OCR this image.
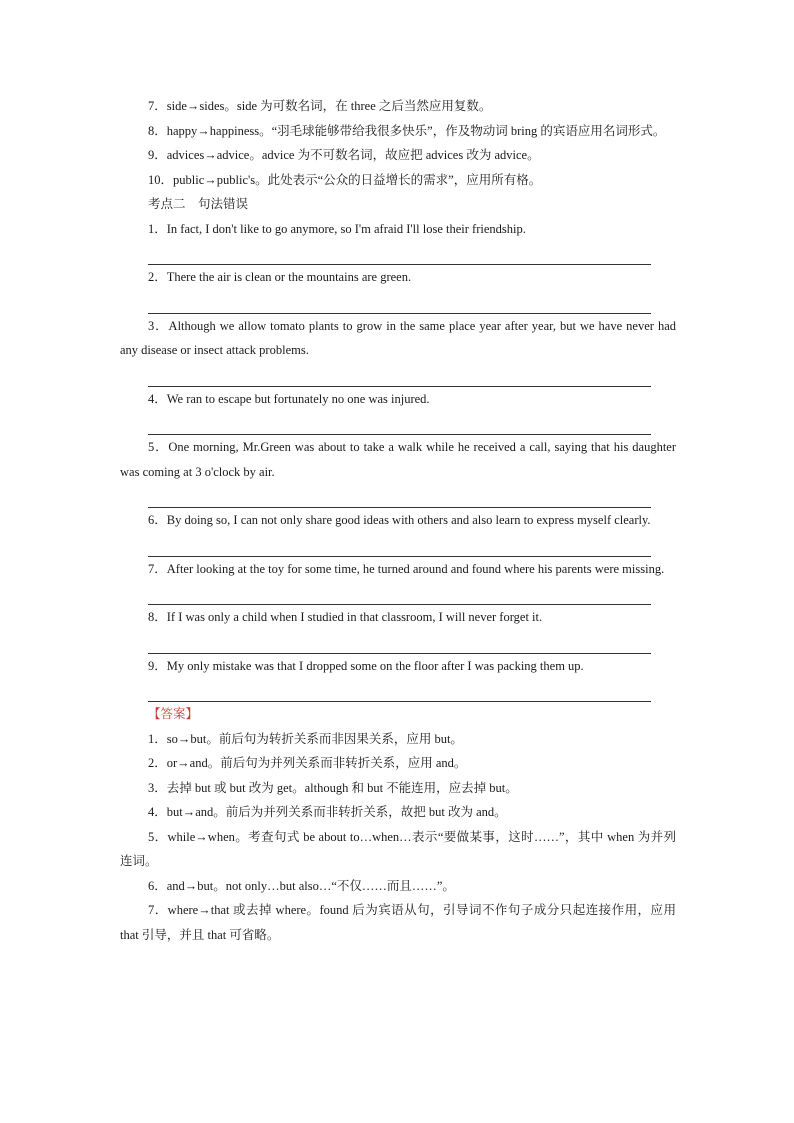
7．side→sides。side 为可数名词，在 three 之后当然应用复数。

8．happy→happiness。“羽毛球能够带给我很多快乐”，作及物动词 bring 的宾语应用名词形式。

9．advices→advice。advice 为不可数名词，故应把 advices 改为 advice。

10．public→public's。此处表示“公众的日益增长的需求”，应用所有格。

考点二　句法错误

1．In fact, I don't like to go anymore, so I'm afraid I'll lose their friendship.

2．There the air is clean or the mountains are green.

3．Although we allow tomato plants to grow in the same place year after year, but we have never had any disease or insect attack problems.

4．We ran to escape but fortunately no one was injured.

5．One morning, Mr.Green was about to take a walk while he received a call, saying that his daughter was coming at 3 o'clock by air.

6．By doing so, I can not only share good ideas with others and also learn to express myself clearly.

7．After looking at the toy for some time, he turned around and found where his parents were missing.

8．If I was only a child when I studied in that classroom, I will never forget it.

9．My only mistake was that I dropped some on the floor after I was packing them up.

【答案】

1．so→but。前后句为转折关系而非因果关系，应用 but。

2．or→and。前后句为并列关系而非转折关系，应用 and。

3．去掉 but 或 but 改为 get。although 和 but 不能连用，应去掉 but。

4．but→and。前后为并列关系而非转折关系，故把 but 改为 and。

5．while→when。考查句式 be about to…when…表示“要做某事，这时……”，其中 when 为并列连词。

6．and→but。not only…but also…“不仅……而且……”。

7．where→that 或去掉 where。found 后为宾语从句，引导词不作句子成分只起连接作用，应用 that 引导，并且 that 可省略。
